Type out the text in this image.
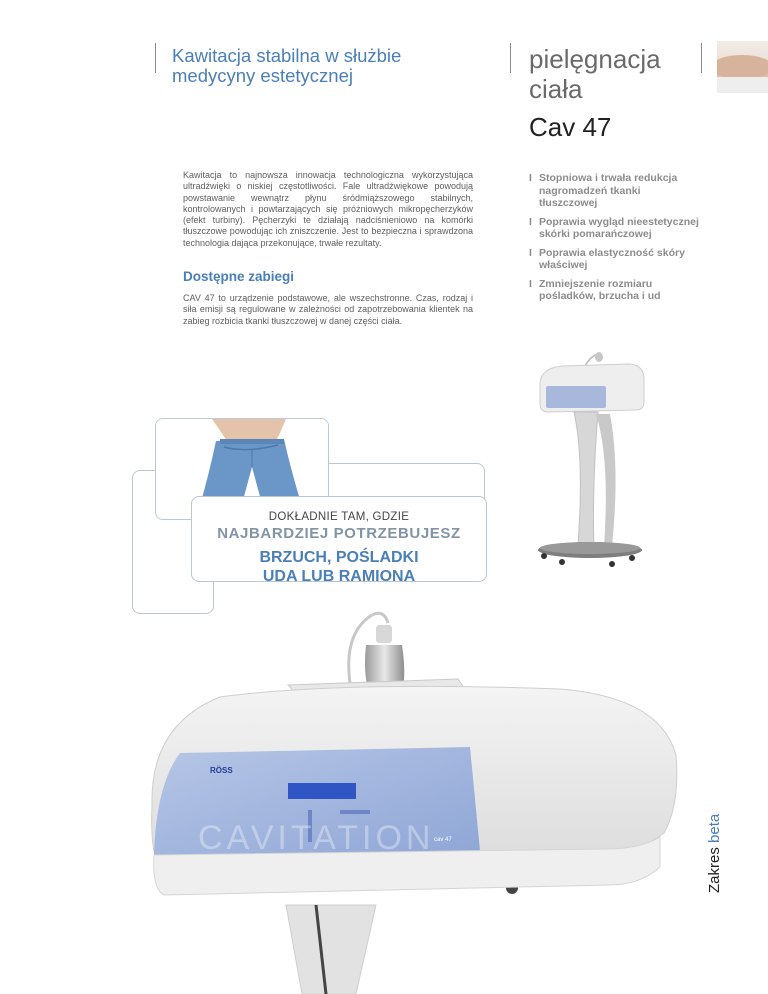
Kawitacja stabilna w służbie medycyny estetycznej
pielęgnacja ciała
Cav 47
Kawitacja to najnowsza innowacja technologiczna wykorzystująca ultradźwięki o niskiej częstotliwości. Fale ultradźwiękowe powodują powstawanie wewnątrz płynu śródmiąższowego stabilnych, kontrolowanych i powtarzających się próżniowych mikropęcherzyków (efekt turbiny). Pęcherzyki te działają nadciśnieniowo na komórki tłuszczowe powodując ich zniszczenie. Jest to bezpieczna i sprawdzona technologia dająca przekonujące, trwałe rezultaty.
Dostępne zabiegi
CAV 47 to urządzenie podstawowe, ale wszechstronne. Czas, rodzaj i siła emisji są regulowane w zależności od zapotrzebowania klientek na zabieg rozbicia tkanki tłuszczowej w danej części ciała.
I Stopniowa i trwała redukcja nagromadzeń tkanki tłuszczowej
I Poprawia wygląd nieestetycznej skórki pomarańczowej
I Poprawia elastyczność skóry właściwej
I Zmniejszenie rozmiaru pośladków, brzucha i ud
DOKŁADNIE TAM, GDZIE
NAJBARDZIEJ POTRZEBUJESZ
BRZUCH, POŚLADKI
UDA LUB RAMIONA
RÖSS
CAVITATION cav 47
Zakres beta
